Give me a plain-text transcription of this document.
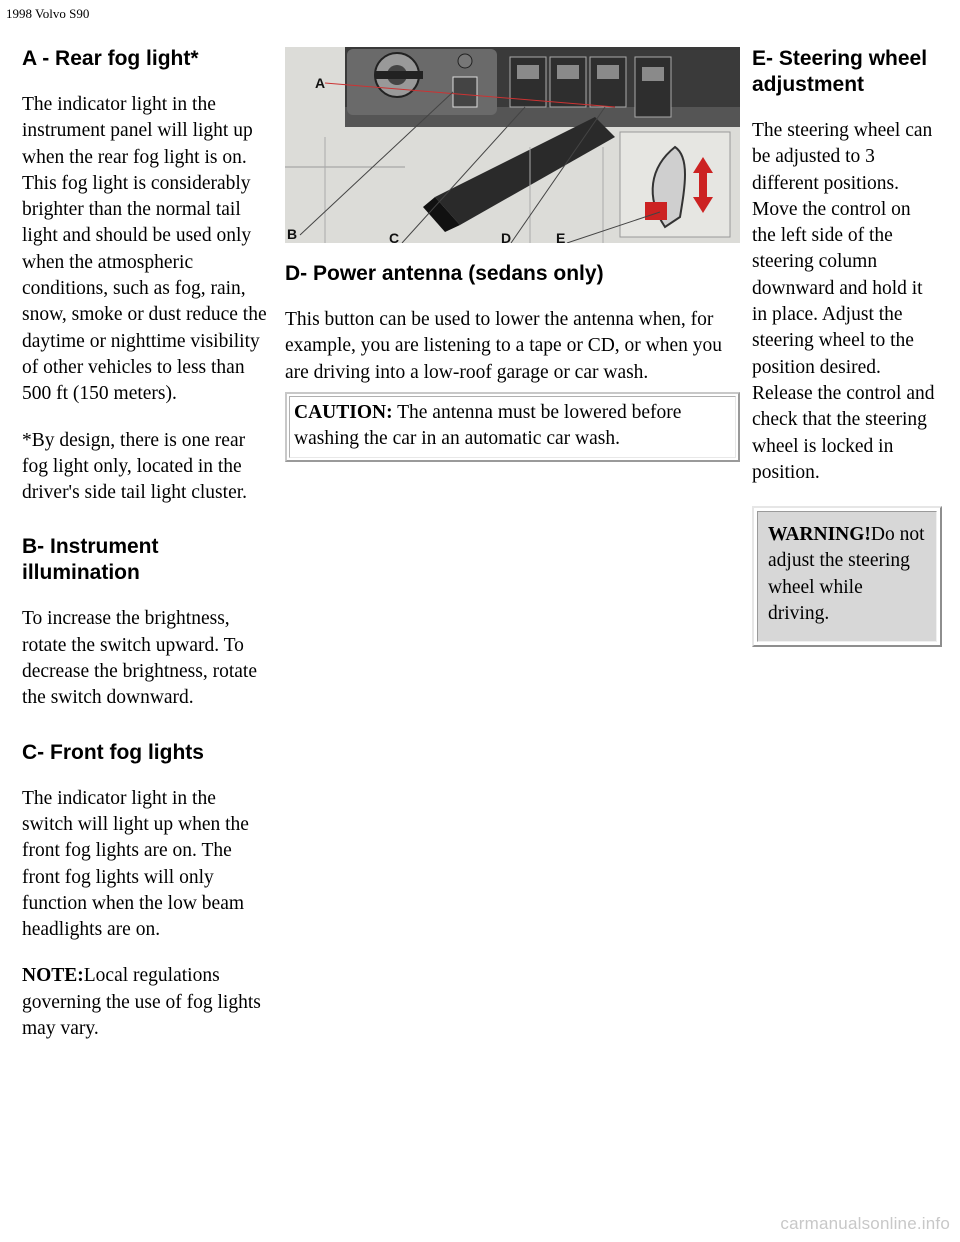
1998 Volvo S90
A - Rear fog light*

The indicator light in the instrument panel will light up when the rear fog light is on. This fog light is considerably brighter than the normal tail light and should be used only when the atmospheric conditions, such as fog, rain, snow, smoke or dust reduce the daytime or nighttime visibility of other vehicles to less than 500 ft (150 meters).

*By design, there is one rear fog light only, located in the driver's side tail light cluster.

B- Instrument illumination

To increase the brightness, rotate the switch upward. To decrease the brightness, rotate the switch downward.

C- Front fog lights

The indicator light in the switch will light up when the front fog lights are on. The front fog lights will only function when the low beam headlights are on.

NOTE:Local regulations governing the use of fog lights may vary.

A
B	C	D	E
D- Power antenna (sedans only)

This button can be used to lower the antenna when, for example, you are listening to a tape or CD, or when you are driving into a low-roof garage or car wash.

CAUTION: The antenna must be lowered before washing the car in an automatic car wash.
E- Steering wheel adjustment

The steering wheel can be adjusted to 3 different positions. Move the control on the left side of the steering column downward and hold it in place. Adjust the steering wheel to the position desired. Release the control and check that the steering wheel is locked in position.

WARNING!Do not adjust the steering wheel while driving.
carmanualsonline.info
